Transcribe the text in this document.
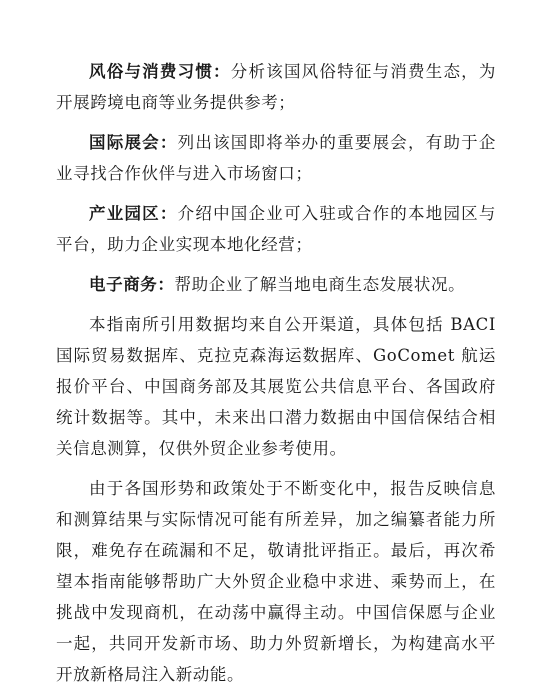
风俗与消费习惯：分析该国风俗特征与消费生态，为开展跨境电商等业务提供参考；

国际展会：列出该国即将举办的重要展会，有助于企业寻找合作伙伴与进入市场窗口；

产业园区：介绍中国企业可入驻或合作的本地园区与平台，助力企业实现本地化经营；

电子商务：帮助企业了解当地电商生态发展状况。

本指南所引用数据均来自公开渠道，具体包括 BACI 国际贸易数据库、克拉克森海运数据库、GoComet 航运报价平台、中国商务部及其展览公共信息平台、各国政府统计数据等。其中，未来出口潜力数据由中国信保结合相关信息测算，仅供外贸企业参考使用。

由于各国形势和政策处于不断变化中，报告反映信息和测算结果与实际情况可能有所差异，加之编纂者能力所限，难免存在疏漏和不足，敬请批评指正。最后，再次希望本指南能够帮助广大外贸企业稳中求进、乘势而上，在挑战中发现商机，在动荡中赢得主动。中国信保愿与企业一起，共同开发新市场、助力外贸新增长，为构建高水平开放新格局注入新动能。
